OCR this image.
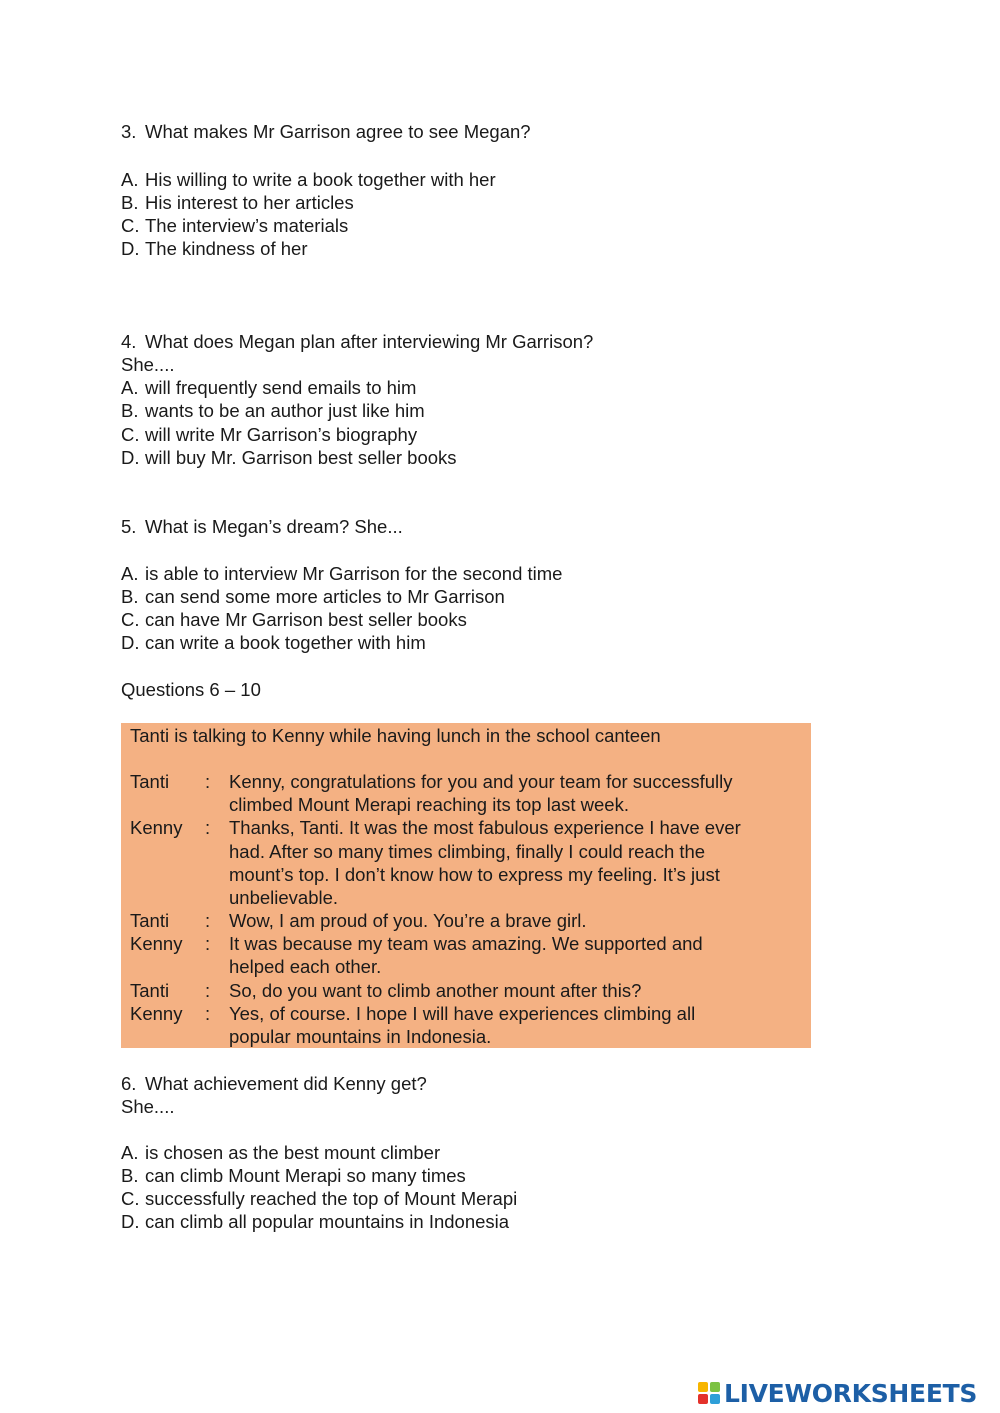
3. What makes Mr Garrison agree to see Megan?
A. His willing to write a book together with her
B. His interest to her articles
C. The interview’s materials
D. The kindness of her
4. What does Megan plan after interviewing Mr Garrison?
She....
A. will frequently send emails to him
B. wants to be an author just like him
C. will write Mr Garrison’s biography
D. will buy Mr. Garrison best seller books
5. What is Megan’s dream? She...
A. is able to interview Mr Garrison for the second time
B. can send some more articles to Mr Garrison
C. can have Mr Garrison best seller books
D. can write a book together with him
Questions 6 – 10
Tanti is talking to Kenny while having lunch in the school canteen
Tanti : Kenny, congratulations for you and your team for successfully
climbed Mount Merapi reaching its top last week.
Kenny : Thanks, Tanti. It was the most fabulous experience I have ever
had. After so many times climbing, finally I could reach the
mount’s top. I don’t know how to express my feeling. It’s just
unbelievable.
Tanti : Wow, I am proud of you. You’re a brave girl.
Kenny : It was because my team was amazing. We supported and
helped each other.
Tanti : So, do you want to climb another mount after this?
Kenny : Yes, of course. I hope I will have experiences climbing all
popular mountains in Indonesia.
6. What achievement did Kenny get?
She....
A. is chosen as the best mount climber
B. can climb Mount Merapi so many times
C. successfully reached the top of Mount Merapi
D. can climb all popular mountains in Indonesia
LIVEWORKSHEETS
